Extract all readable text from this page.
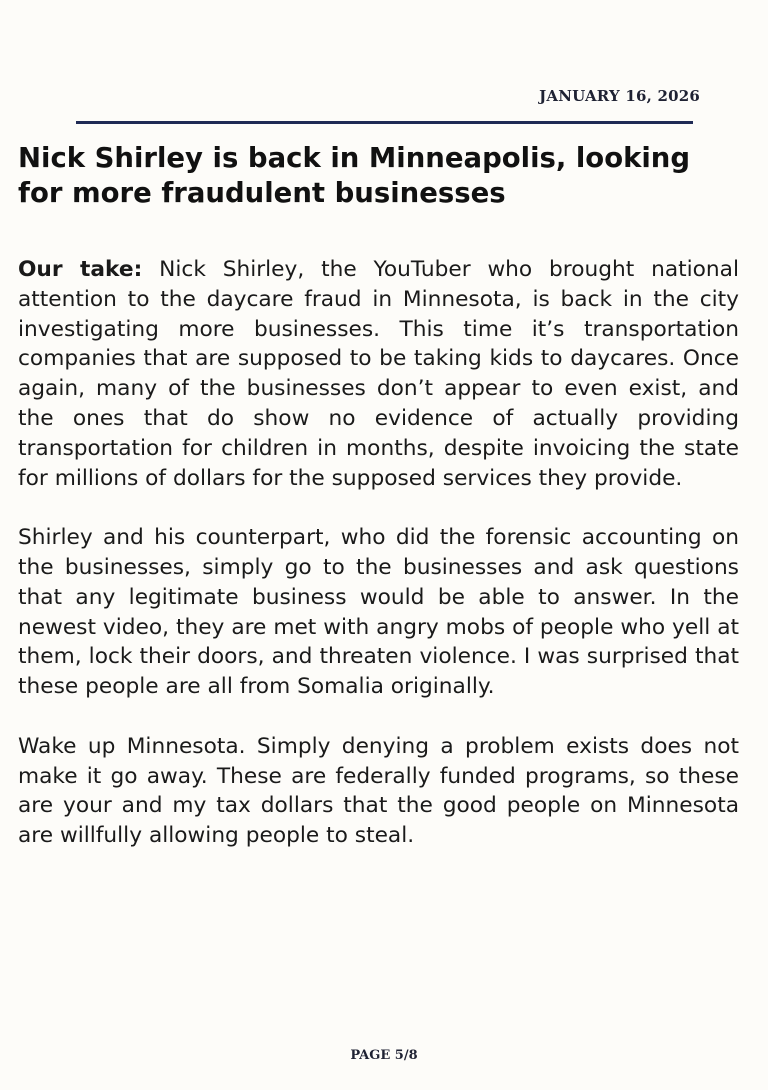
JANUARY 16, 2026
Nick Shirley is back in Minneapolis, looking for more fraudulent businesses

Our take: Nick Shirley, the YouTuber who brought national attention to the daycare fraud in Minnesota, is back in the city investigating more businesses. This time it’s transportation companies that are supposed to be taking kids to daycares. Once again, many of the businesses don’t appear to even exist, and the ones that do show no evidence of actually providing transportation for children in months, despite invoicing the state for millions of dollars for the supposed services they provide.

Shirley and his counterpart, who did the forensic accounting on the businesses, simply go to the businesses and ask questions that any legitimate business would be able to answer. In the newest video, they are met with angry mobs of people who yell at them, lock their doors, and threaten violence. I was surprised that these people are all from Somalia originally.

Wake up Minnesota. Simply denying a problem exists does not make it go away. These are federally funded programs, so these are your and my tax dollars that the good people on Minnesota are willfully allowing people to steal.

PAGE 5/8
